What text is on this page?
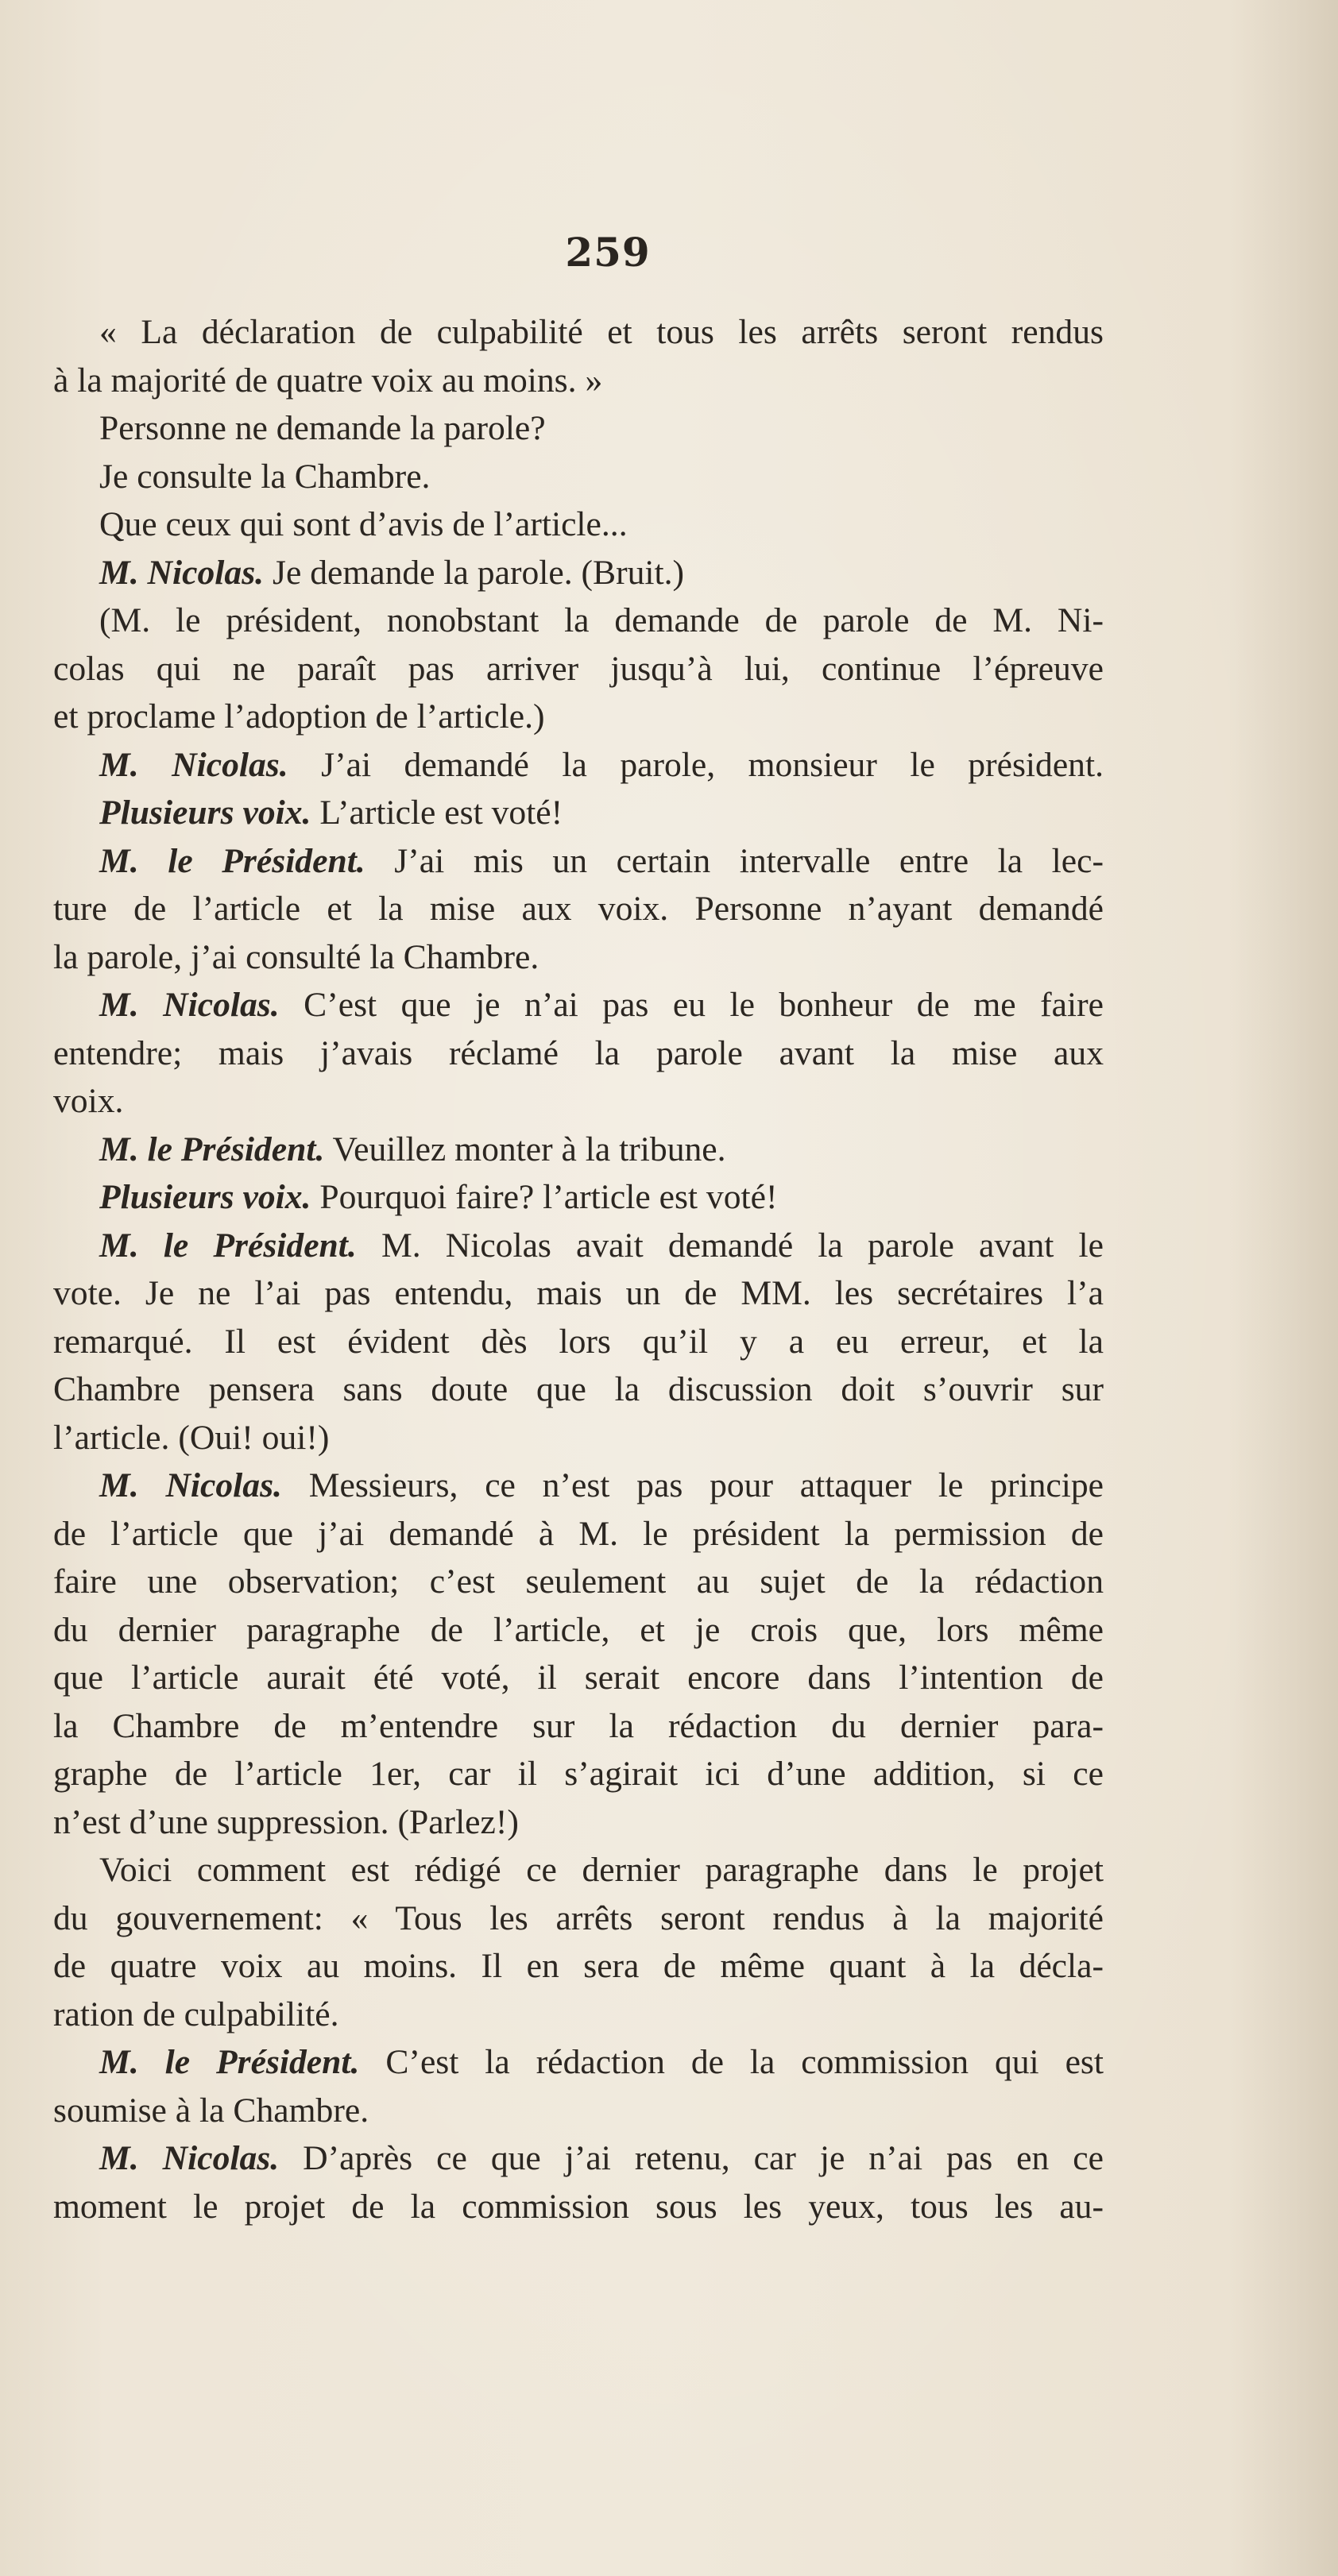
259
« La déclaration de culpabilité et tous les arrêts seront rendus
à la majorité de quatre voix au moins. »
Personne ne demande la parole?
Je consulte la Chambre.
Que ceux qui sont d’avis de l’article...
M. Nicolas. Je demande la parole. (Bruit.)
(M. le président, nonobstant la demande de parole de M. Ni-
colas qui ne paraît pas arriver jusqu’à lui, continue l’épreuve
et proclame l’adoption de l’article.)
M. Nicolas. J’ai demandé la parole, monsieur le président.
Plusieurs voix. L’article est voté!
M. le Président. J’ai mis un certain intervalle entre la lec-
ture de l’article et la mise aux voix. Personne n’ayant demandé
la parole, j’ai consulté la Chambre.
M. Nicolas. C’est que je n’ai pas eu le bonheur de me faire
entendre; mais j’avais réclamé la parole avant la mise aux
voix.
M. le Président. Veuillez monter à la tribune.
Plusieurs voix. Pourquoi faire? l’article est voté!
M. le Président. M. Nicolas avait demandé la parole avant le
vote. Je ne l’ai pas entendu, mais un de MM. les secrétaires l’a
remarqué. Il est évident dès lors qu’il y a eu erreur, et la
Chambre pensera sans doute que la discussion doit s’ouvrir sur
l’article. (Oui! oui!)
M. Nicolas. Messieurs, ce n’est pas pour attaquer le principe
de l’article que j’ai demandé à M. le président la permission de
faire une observation; c’est seulement au sujet de la rédaction
du dernier paragraphe de l’article, et je crois que, lors même
que l’article aurait été voté, il serait encore dans l’intention de
la Chambre de m’entendre sur la rédaction du dernier para-
graphe de l’article 1er, car il s’agirait ici d’une addition, si ce
n’est d’une suppression. (Parlez!)
Voici comment est rédigé ce dernier paragraphe dans le projet
du gouvernement: « Tous les arrêts seront rendus à la majorité
de quatre voix au moins. Il en sera de même quant à la décla-
ration de culpabilité.
M. le Président. C’est la rédaction de la commission qui est
soumise à la Chambre.
M. Nicolas. D’après ce que j’ai retenu, car je n’ai pas en ce
moment le projet de la commission sous les yeux, tous les au-
